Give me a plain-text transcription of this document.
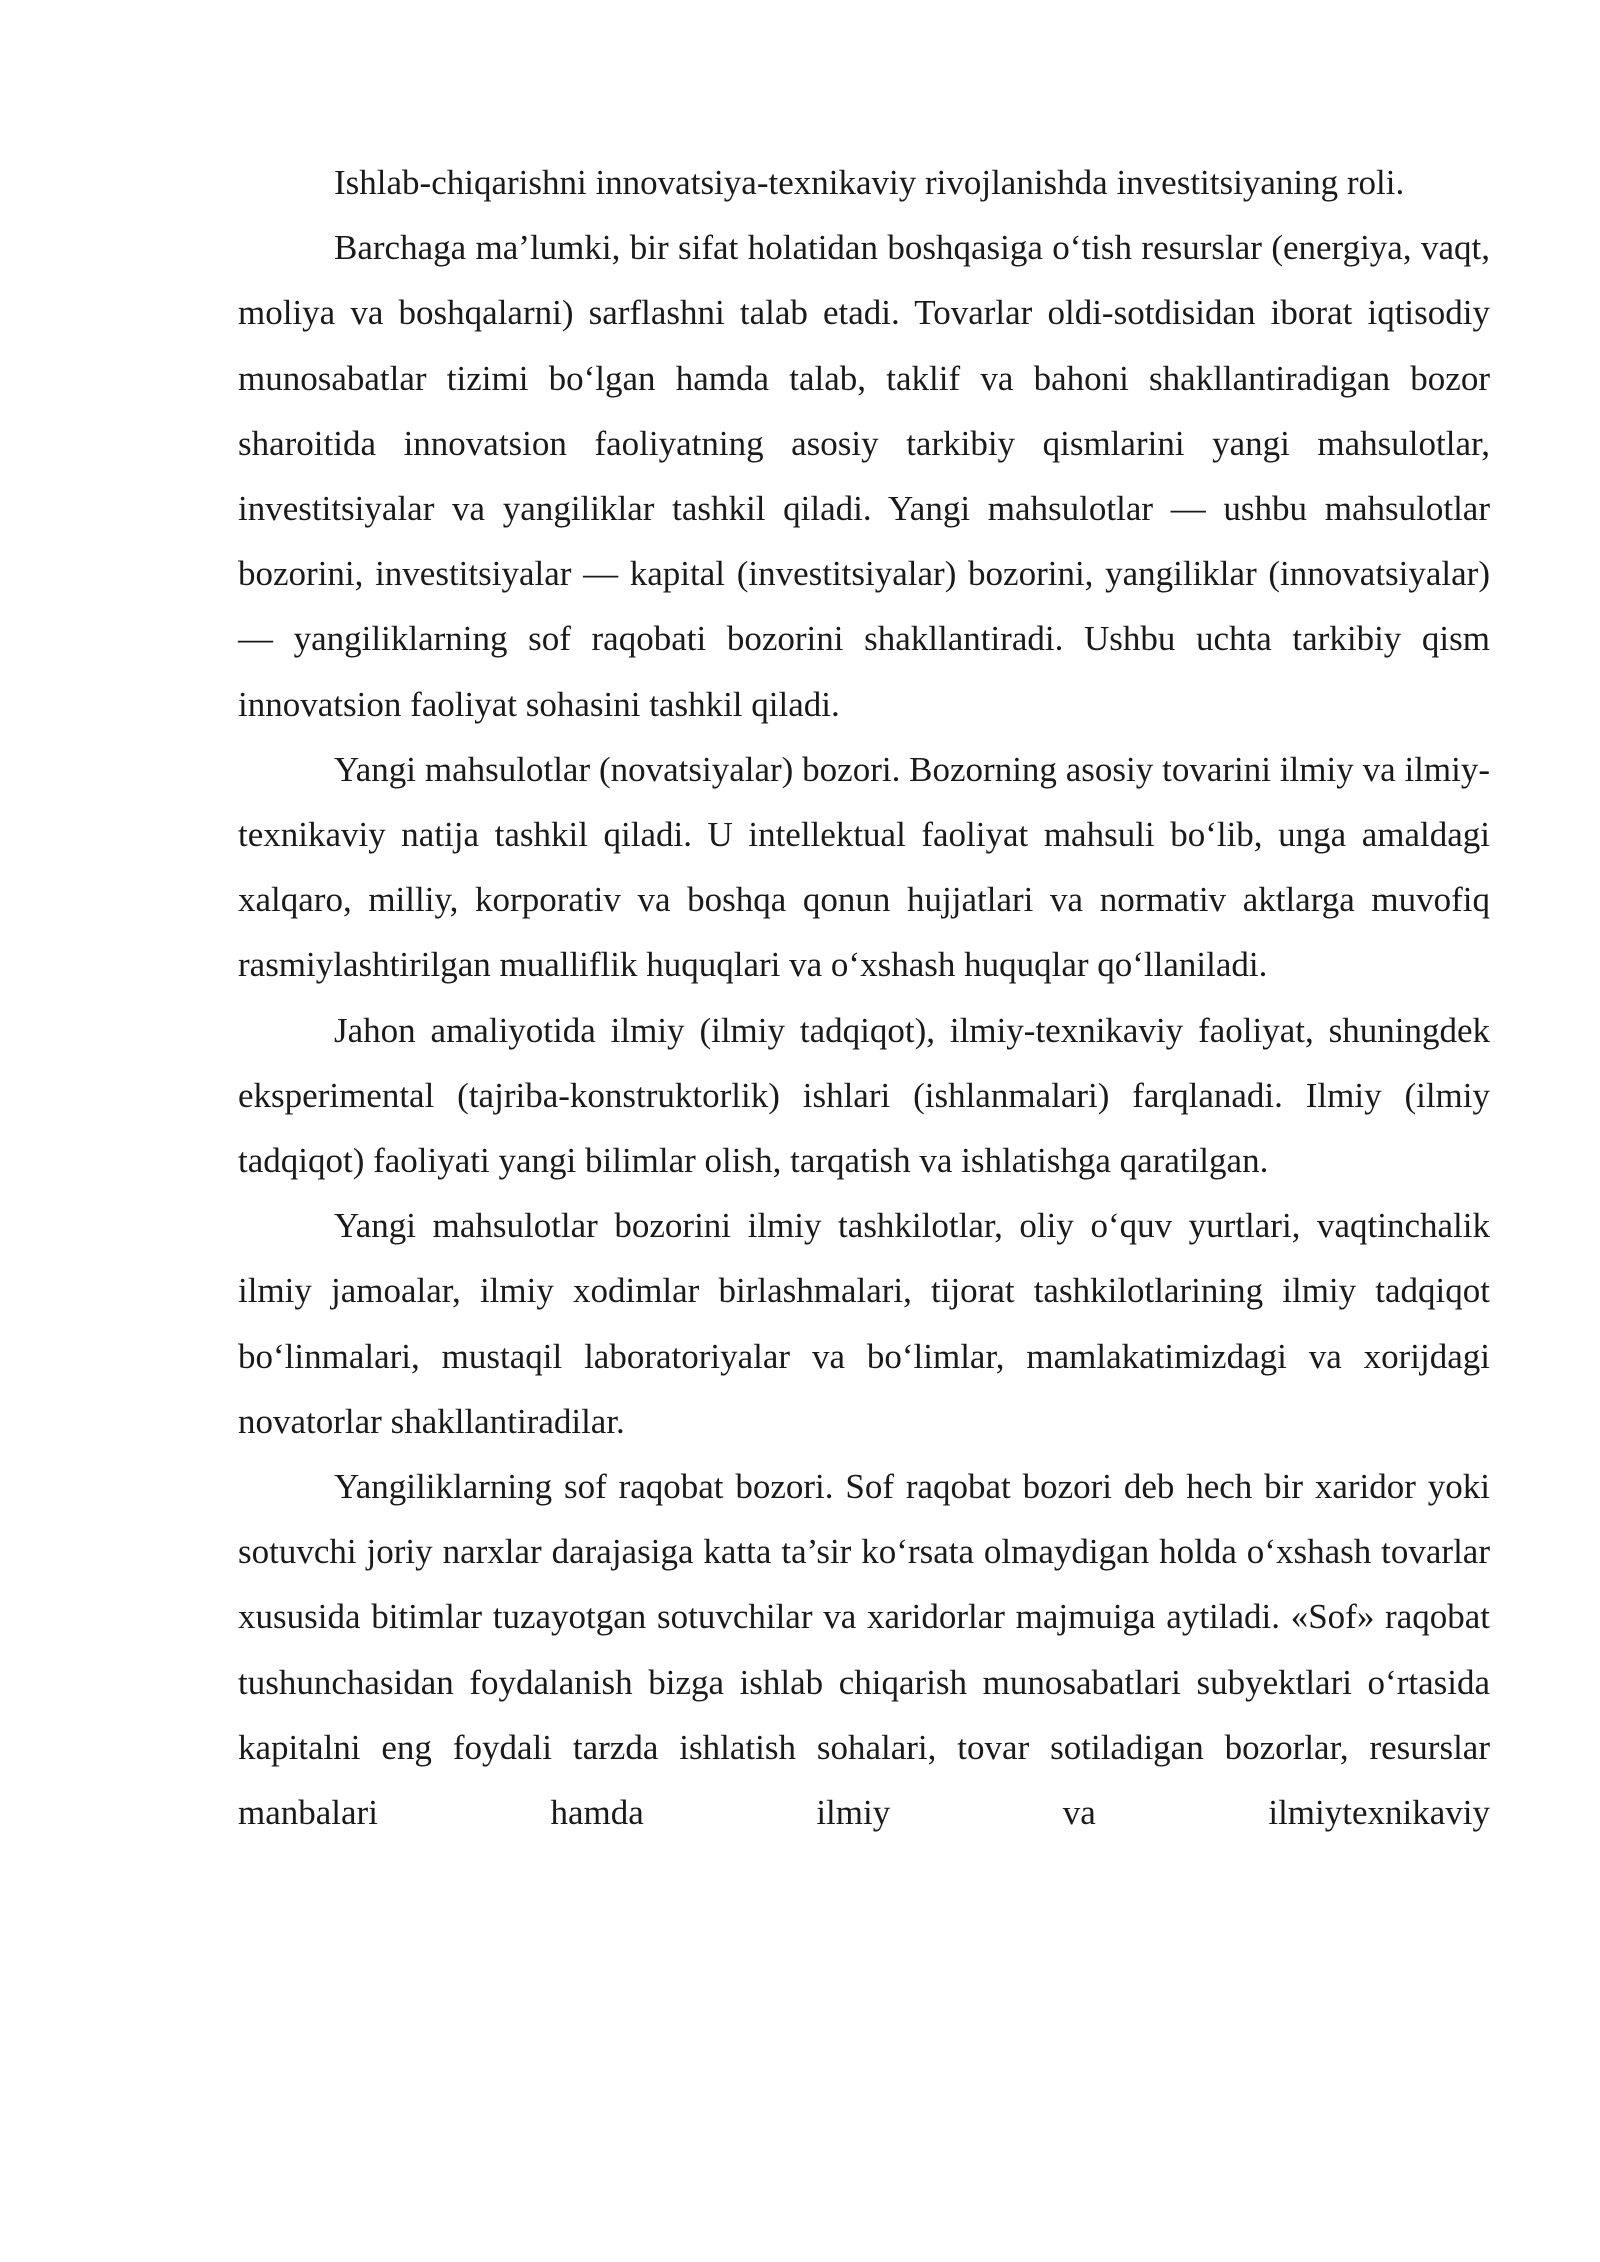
Ishlab-chiqarishni innovatsiya-texnikaviy rivojlanishda investitsiyaning roli.

Barchaga ma’lumki, bir sifat holatidan boshqasiga o‘tish resurslar (energiya, vaqt, moliya va boshqalarni) sarflashni talab etadi. Tovarlar oldi-sotdisidan iborat iqtisodiy munosabatlar tizimi bo‘lgan hamda talab, taklif va bahoni shakllantiradigan bozor sharoitida innovatsion faoliyatning asosiy tarkibiy qismlarini yangi mahsulotlar, investitsiyalar va yangiliklar tashkil qiladi. Yangi mahsulotlar — ushbu mahsulotlar bozorini, investitsiyalar — kapital (investitsiyalar) bozorini, yangiliklar (innovatsiyalar) — yangiliklarning sof raqobati bozorini shakllantiradi. Ushbu uchta tarkibiy qism innovatsion faoliyat sohasini tashkil qiladi.

Yangi mahsulotlar (novatsiyalar) bozori. Bozorning asosiy tovarini ilmiy va ilmiy-texnikaviy natija tashkil qiladi. U intellektual faoliyat mahsuli bo‘lib, unga amaldagi xalqaro, milliy, korporativ va boshqa qonun hujjatlari va normativ aktlarga muvofiq rasmiylashtirilgan mualliflik huquqlari va o‘xshash huquqlar qo‘llaniladi.

Jahon amaliyotida ilmiy (ilmiy tadqiqot), ilmiy-texnikaviy faoliyat, shuningdek eksperimental (tajriba-konstruktorlik) ishlari (ishlanmalari) farqlanadi. Ilmiy (ilmiy tadqiqot) faoliyati yangi bilimlar olish, tarqatish va ishlatishga qaratilgan.

Yangi mahsulotlar bozorini ilmiy tashkilotlar, oliy o‘quv yurtlari, vaqtinchalik ilmiy jamoalar, ilmiy xodimlar birlashmalari, tijorat tashkilotlarining ilmiy tadqiqot bo‘linmalari, mustaqil laboratoriyalar va bo‘limlar, mamlakatimizdagi va xorijdagi novatorlar shakllantiradilar.

Yangiliklarning sof raqobat bozori. Sof raqobat bozori deb hech bir xaridor yoki sotuvchi joriy narxlar darajasiga katta ta’sir ko‘rsata olmaydigan holda o‘xshash tovarlar xususida bitimlar tuzayotgan sotuvchilar va xaridorlar majmuiga aytiladi. «Sof» raqobat tushunchasidan foydalanish bizga ishlab chiqarish munosabatlari subyektlari o‘rtasida kapitalni eng foydali tarzda ishlatish sohalari, tovar sotiladigan bozorlar, resurslar manbalari hamda ilmiy va ilmiytexnikaviy
